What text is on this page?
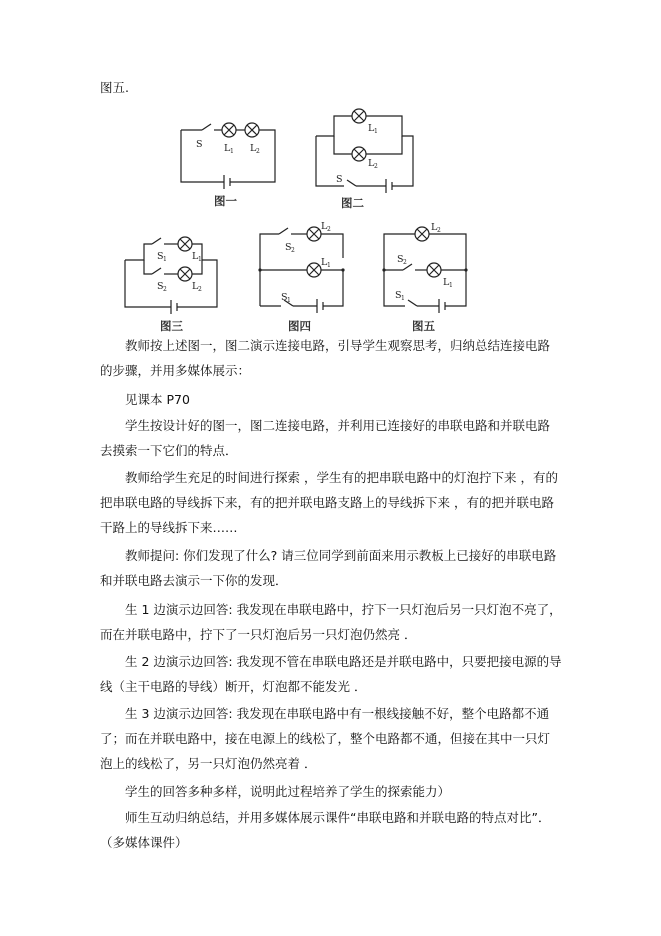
图五.
S L 1 L 2
图一
L 1
L 2
S
图二
S 1
S 2
L 1
L 2
图三
S 2
L 2
L 1
S 1
图四
L 2
S 2
L 1
S 1
图五
教师按上述图一，图二演示连接电路，引导学生观察思考，归纳总结连接电路的步骤，并用多媒体展示：
见课本 P70
学生按设计好的图一，图二连接电路，并利用已连接好的串联电路和并联电路去摸索一下它们的特点．
教师给学生充足的时间进行探索 ，学生有的把串联电路中的灯泡拧下来 ，有的把串联电路的导线拆下来，有的把并联电路支路上的导线拆下来 ，有的把并联电路干路上的导线拆下来……
教师提问: 你们发现了什么? 请三位同学到前面来用示教板上已接好的串联电路和并联电路去演示一下你的发现．
生 1 边演示边回答: 我发现在串联电路中，拧下一只灯泡后另一只灯泡不亮了，而在并联电路中，拧下了一只灯泡后另一只灯泡仍然亮 ．
生 2 边演示边回答: 我发现不管在串联电路还是并联电路中，只要把接电源的导线（主干电路的导线）断开，灯泡都不能发光 ．
生 3 边演示边回答: 我发现在串联电路中有一根线接触不好，整个电路都不通了；而在并联电路中，接在电源上的线松了，整个电路都不通，但接在其中一只灯泡上的线松了，另一只灯泡仍然亮着 ．
学生的回答多种多样，说明此过程培养了学生的探索能力）
师生互动归纳总结，并用多媒体展示课件“串联电路和并联电路的特点对比”．（多媒体课件）
